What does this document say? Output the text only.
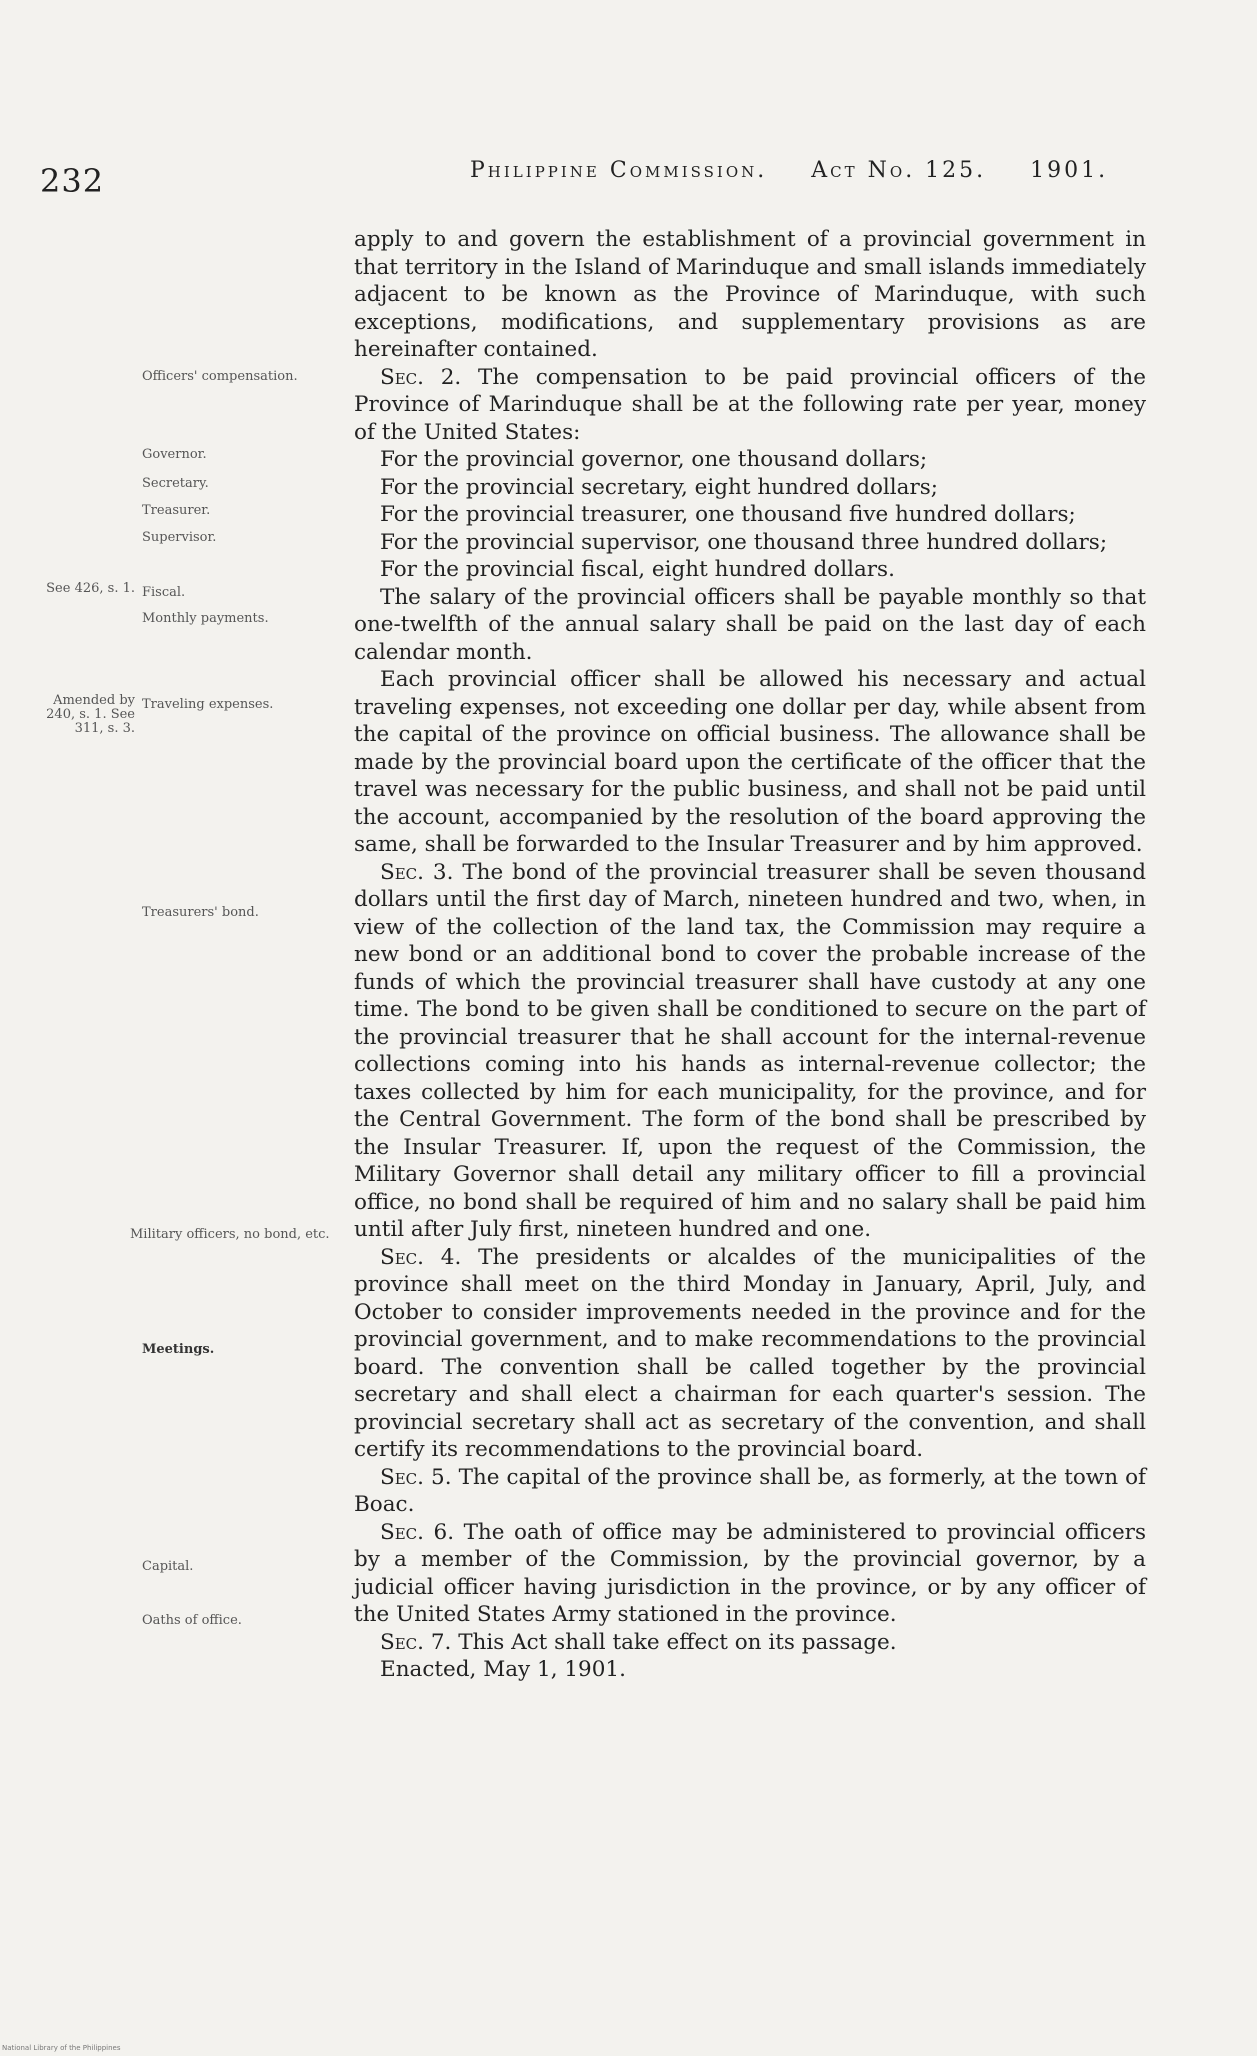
232	Philippine Commission. Act No. 125. 1901.
Officers' compensation.
Governor.
Secretary.
Treasurer.
Supervisor.
See 426, s. 1. Fiscal.
Monthly payments.
Amended by 240, s. 1. See 311, s. 3.
Traveling expenses.
Treasurers' bond.
Military officers, no bond, etc.
Meetings.
Capital.
Oaths of office.

apply to and govern the establishment of a provincial government in that territory in the Island of Marinduque and small islands immediately adjacent to be known as the Province of Marinduque, with such exceptions, modifications, and supplementary provisions as are hereinafter contained.

Sec. 2. The compensation to be paid provincial officers of the Province of Marinduque shall be at the following rate per year, money of the United States:

For the provincial governor, one thousand dollars;

For the provincial secretary, eight hundred dollars;

For the provincial treasurer, one thousand five hundred dollars;

For the provincial supervisor, one thousand three hundred dollars;

For the provincial fiscal, eight hundred dollars.

The salary of the provincial officers shall be payable monthly so that one-twelfth of the annual salary shall be paid on the last day of each calendar month.

Each provincial officer shall be allowed his necessary and actual traveling expenses, not exceeding one dollar per day, while absent from the capital of the province on official business. The allowance shall be made by the provincial board upon the certificate of the officer that the travel was necessary for the public business, and shall not be paid until the account, accompanied by the resolution of the board approving the same, shall be forwarded to the Insular Treasurer and by him approved.

Sec. 3. The bond of the provincial treasurer shall be seven thousand dollars until the first day of March, nineteen hundred and two, when, in view of the collection of the land tax, the Commission may require a new bond or an additional bond to cover the probable increase of the funds of which the provincial treasurer shall have custody at any one time. The bond to be given shall be conditioned to secure on the part of the provincial treasurer that he shall account for the internal-revenue collections coming into his hands as internal-revenue collector; the taxes collected by him for each municipality, for the province, and for the Central Government. The form of the bond shall be prescribed by the Insular Treasurer. If, upon the request of the Commission, the Military Governor shall detail any military officer to fill a provincial office, no bond shall be required of him and no salary shall be paid him until after July first, nineteen hundred and one.

Sec. 4. The presidents or alcaldes of the municipalities of the province shall meet on the third Monday in January, April, July, and October to consider improvements needed in the province and for the provincial government, and to make recommendations to the provincial board. The convention shall be called together by the provincial secretary and shall elect a chairman for each quarter's session. The provincial secretary shall act as secretary of the convention, and shall certify its recommendations to the provincial board.

Sec. 5. The capital of the province shall be, as formerly, at the town of Boac.

Sec. 6. The oath of office may be administered to provincial officers by a member of the Commission, by the provincial governor, by a judicial officer having jurisdiction in the province, or by any officer of the United States Army stationed in the province.

Sec. 7. This Act shall take effect on its passage.

Enacted, May 1, 1901.

National Library of the Philippines
